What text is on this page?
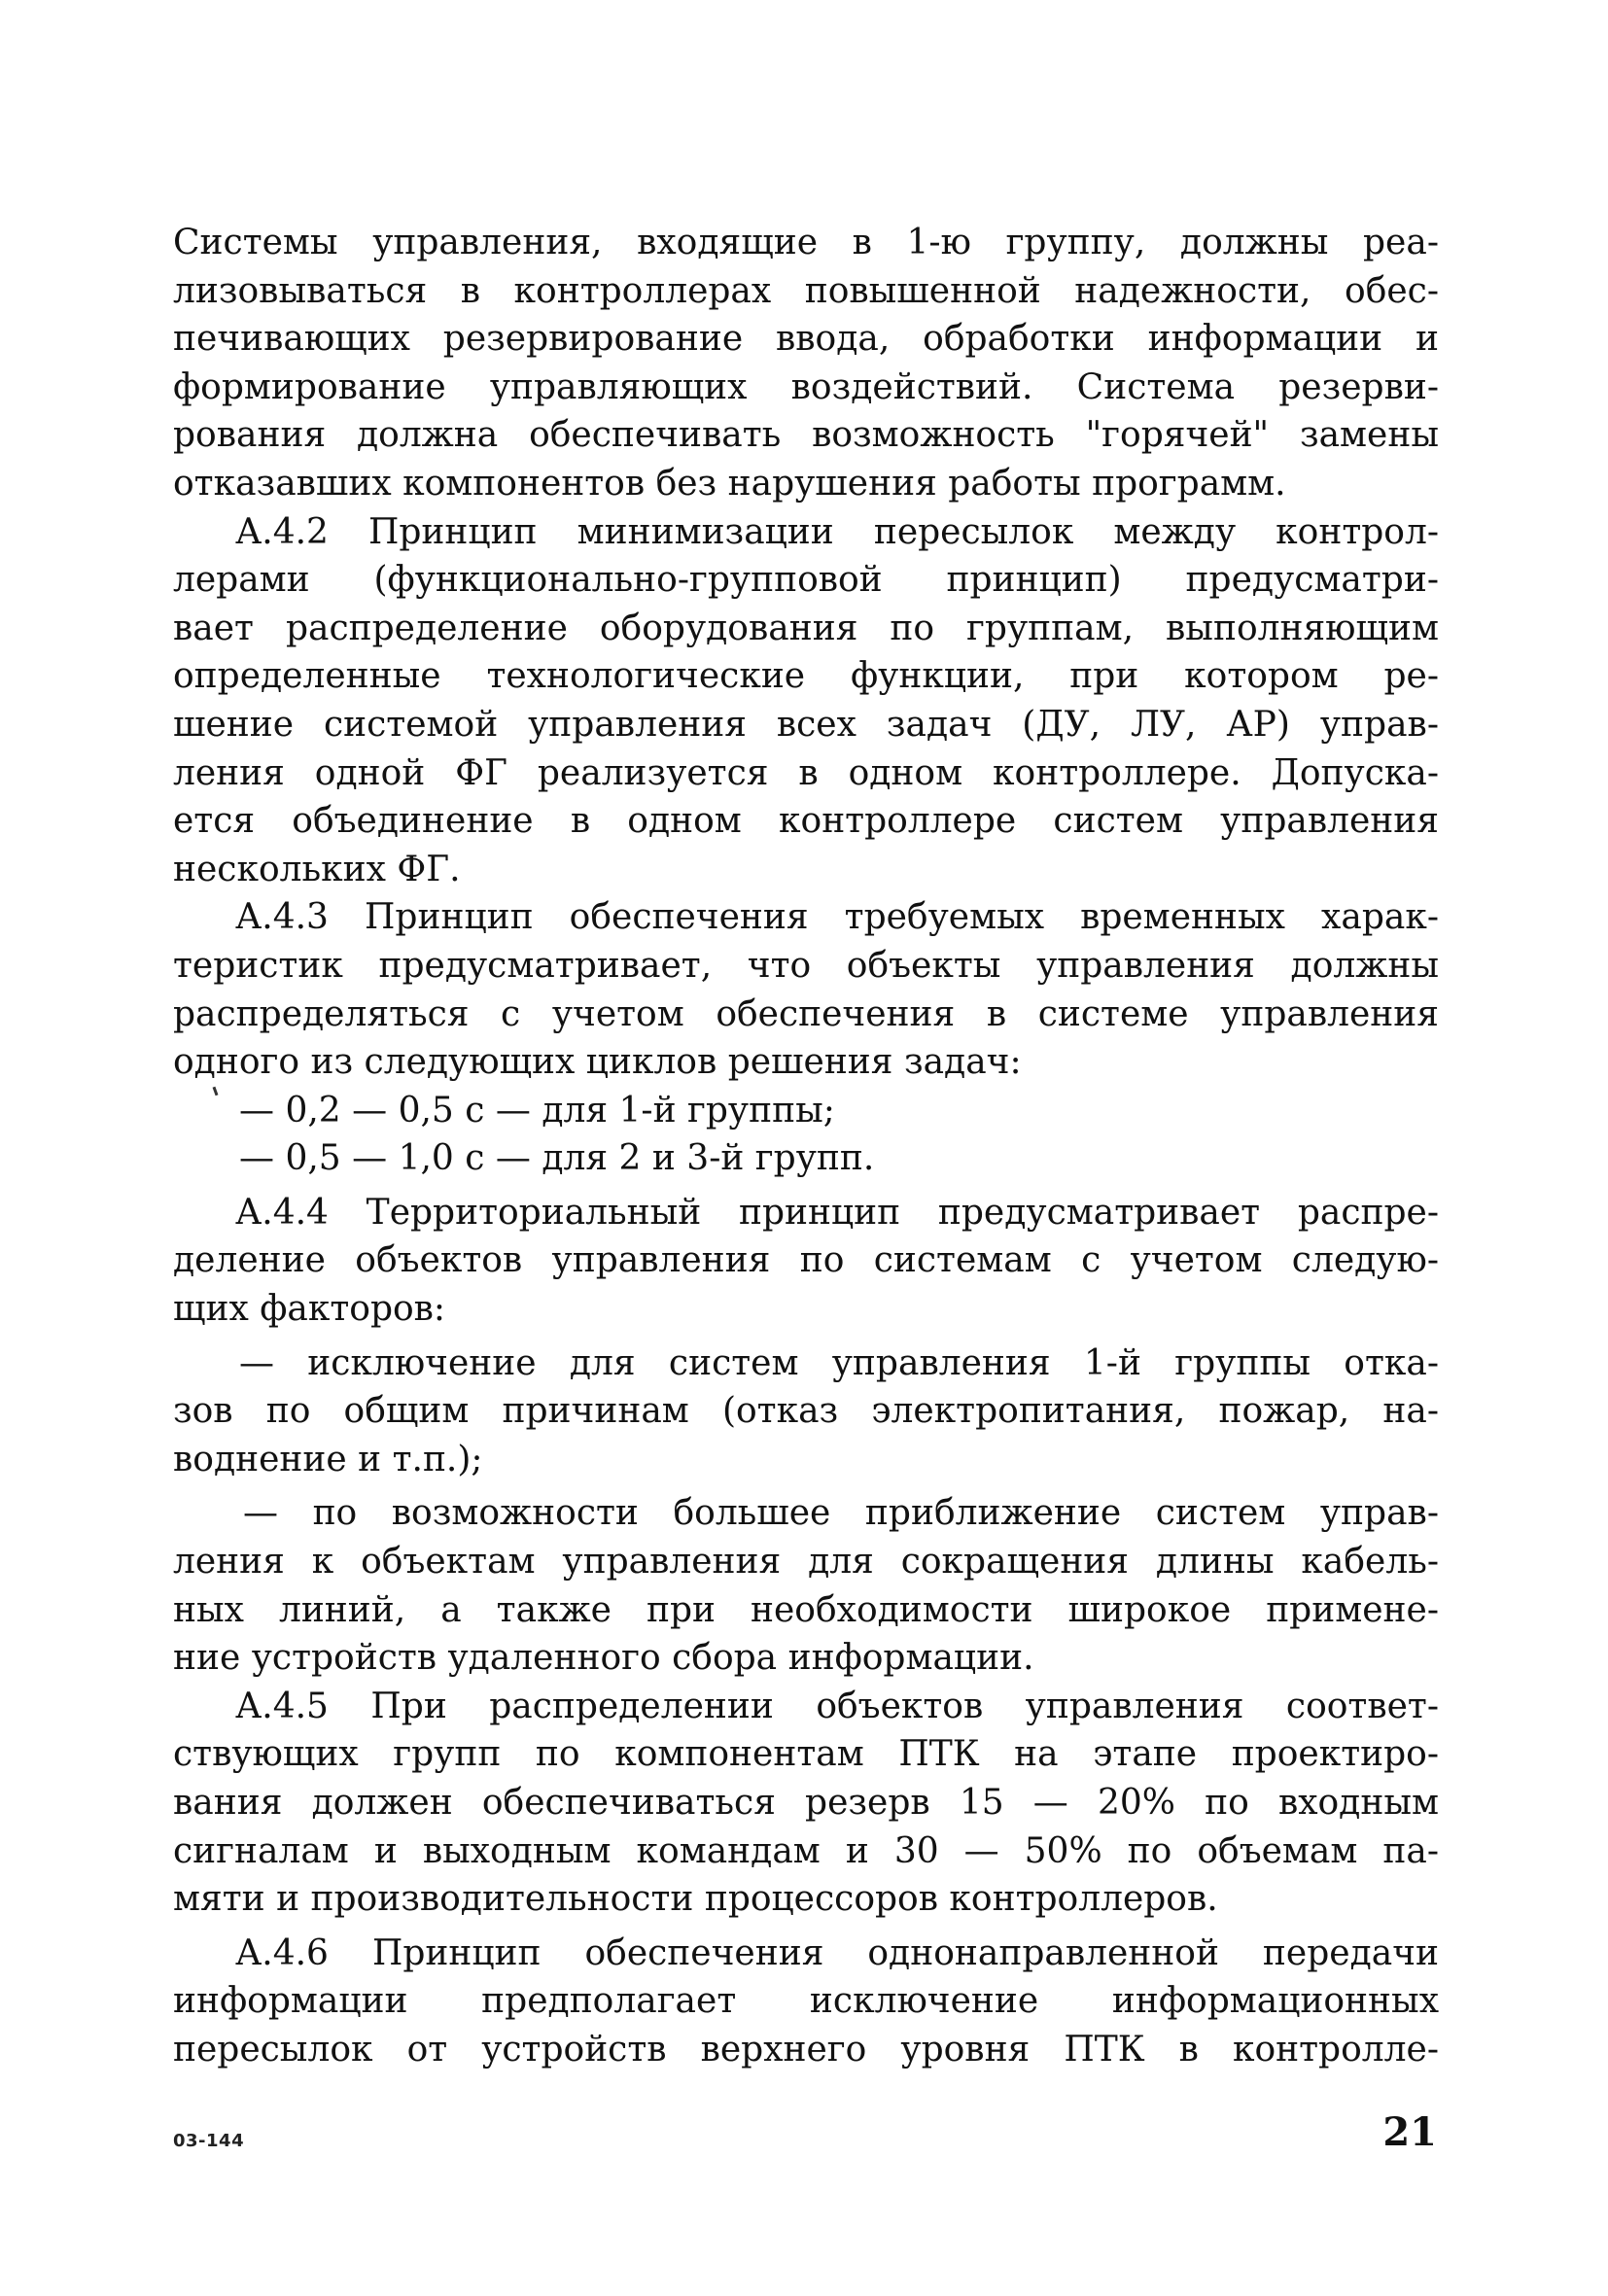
Системы управления, входящие в 1-ю группу, должны реа-
лизовываться в контроллерах повышенной надежности, обес-
печивающих резервирование ввода, обработки информации и
формирование управляющих воздействий. Система резерви-
рования должна обеспечивать возможность "горячей" замены
отказавших компонентов без нарушения работы программ.
А.4.2 Принцип минимизации пересылок между контрол-
лерами (функционально-групповой принцип) предусматри-
вает распределение оборудования по группам, выполняющим
определенные технологические функции, при котором ре-
шение системой управления всех задач (ДУ, ЛУ, АР) управ-
ления одной ФГ реализуется в одном контроллере. Допуска-
ется объединение в одном контроллере систем управления
нескольких ФГ.
А.4.3 Принцип обеспечения требуемых временных харак-
теристик предусматривает, что объекты управления должны
распределяться с учетом обеспечения в системе управления
одного из следующих циклов решения задач:
— 0,2 — 0,5 с — для 1-й группы;
— 0,5 — 1,0 с — для 2 и 3-й групп.
А.4.4 Территориальный принцип предусматривает распре-
деление объектов управления по системам с учетом следую-
щих факторов:
— исключение для систем управления 1-й группы отка-
зов по общим причинам (отказ электропитания, пожар, на-
воднение и т.п.);
— по возможности большее приближение систем управ-
ления к объектам управления для сокращения длины кабель-
ных линий, а также при необходимости широкое примене-
ние устройств удаленного сбора информации.
А.4.5 При распределении объектов управления соответ-
ствующих групп по компонентам ПТК на этапе проектиро-
вания должен обеспечиваться резерв 15 — 20% по входным
сигналам и выходным командам и 30 — 50% по объемам па-
мяти и производительности процессоров контроллеров.
А.4.6 Принцип обеспечения однонаправленной передачи
информации предполагает исключение информационных
пересылок от устройств верхнего уровня ПТК в контролле-
03-144	21
